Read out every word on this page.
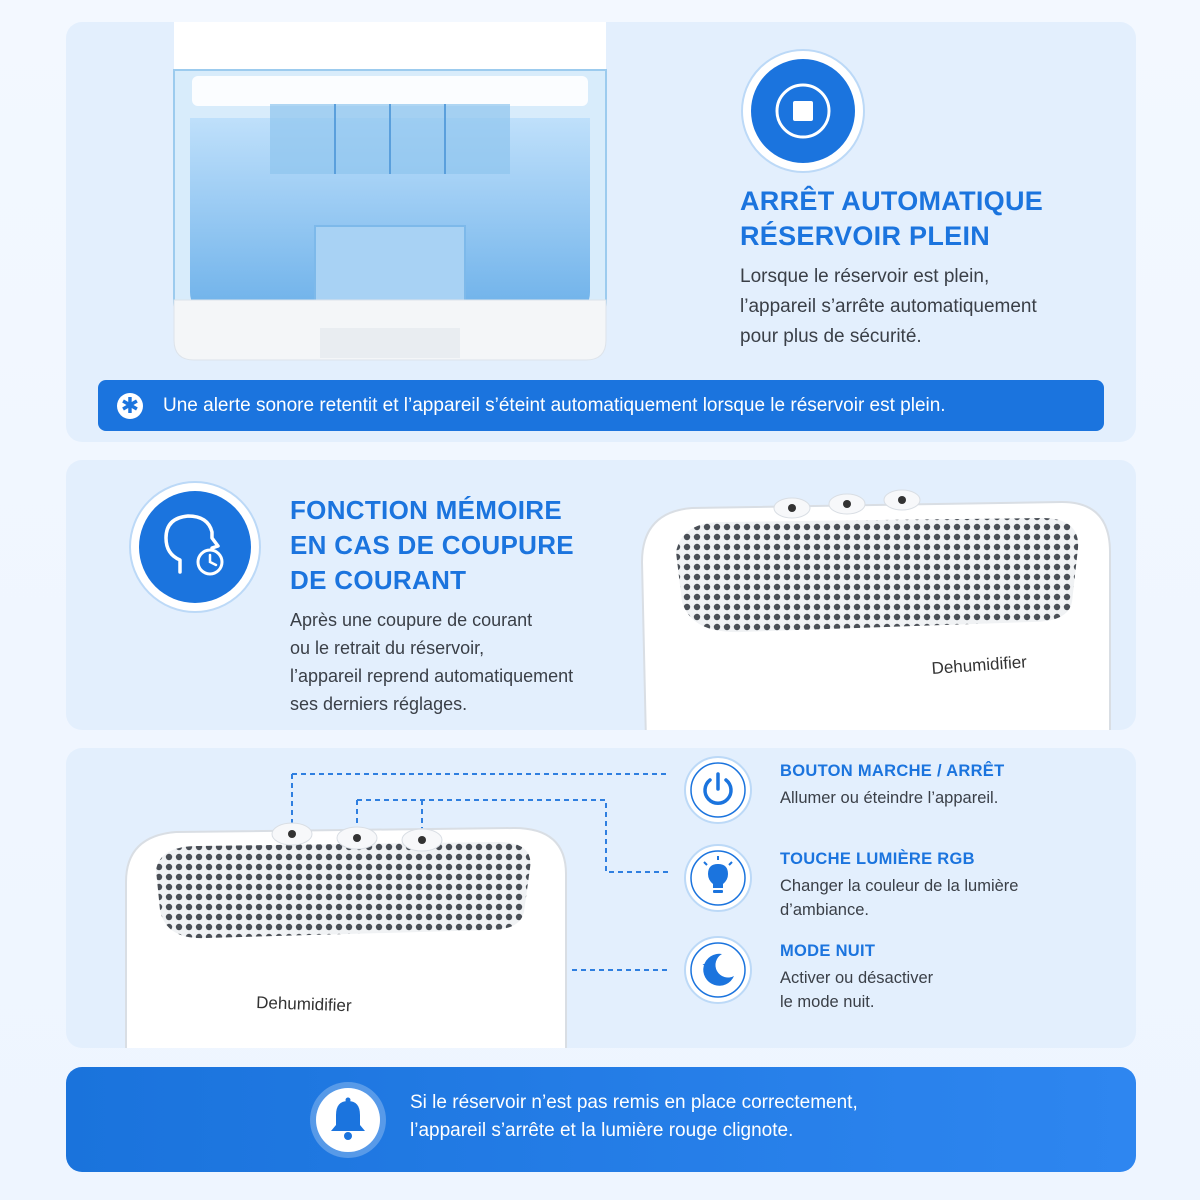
ARRÊT AUTOMATIQUE
RÉSERVOIR PLEIN
Lorsque le réservoir est plein,
l’appareil s’arrête automatiquement
pour plus de sécurité.
✱ Une alerte sonore retentit et l’appareil s’éteint automatiquement lorsque le réservoir est plein.
FONCTION MÉMOIRE
EN CAS DE COUPURE
DE COURANT
Après une coupure de courant
ou le retrait du réservoir,
l’appareil reprend automatiquement
ses derniers réglages.
Dehumidifier
Dehumidifier
BOUTON MARCHE / ARRÊT
Allumer ou éteindre l’appareil.
TOUCHE LUMIÈRE RGB
Changer la couleur de la lumière
d’ambiance.
MODE NUIT
Activer ou désactiver
le mode nuit.
Si le réservoir n’est pas remis en place correctement,
l’appareil s’arrête et la lumière rouge clignote.
